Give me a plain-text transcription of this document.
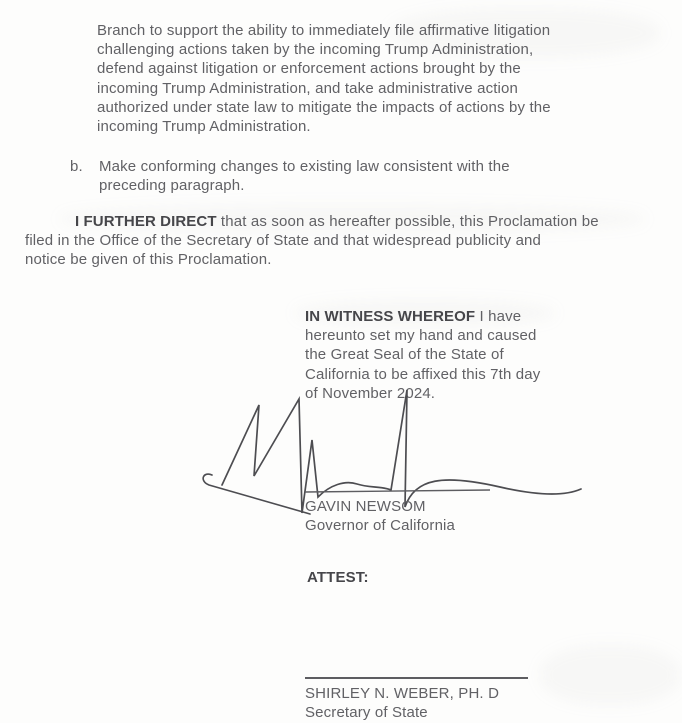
Branch to support the ability to immediately file affirmative litigation
challenging actions taken by the incoming Trump Administration,
defend against litigation or enforcement actions brought by the
incoming Trump Administration, and take administrative action
authorized under state law to mitigate the impacts of actions by the
incoming Trump Administration.
b. Make conforming changes to existing law consistent with the
preceding paragraph.
I FURTHER DIRECT that as soon as hereafter possible, this Proclamation be
filed in the Office of the Secretary of State and that widespread publicity and
notice be given of this Proclamation.
IN WITNESS WHEREOF I have
hereunto set my hand and caused
the Great Seal of the State of
California to be affixed this 7th day
of November 2024.
GAVIN NEWSOM
Governor of California
ATTEST:
SHIRLEY N. WEBER, PH. D
Secretary of State
